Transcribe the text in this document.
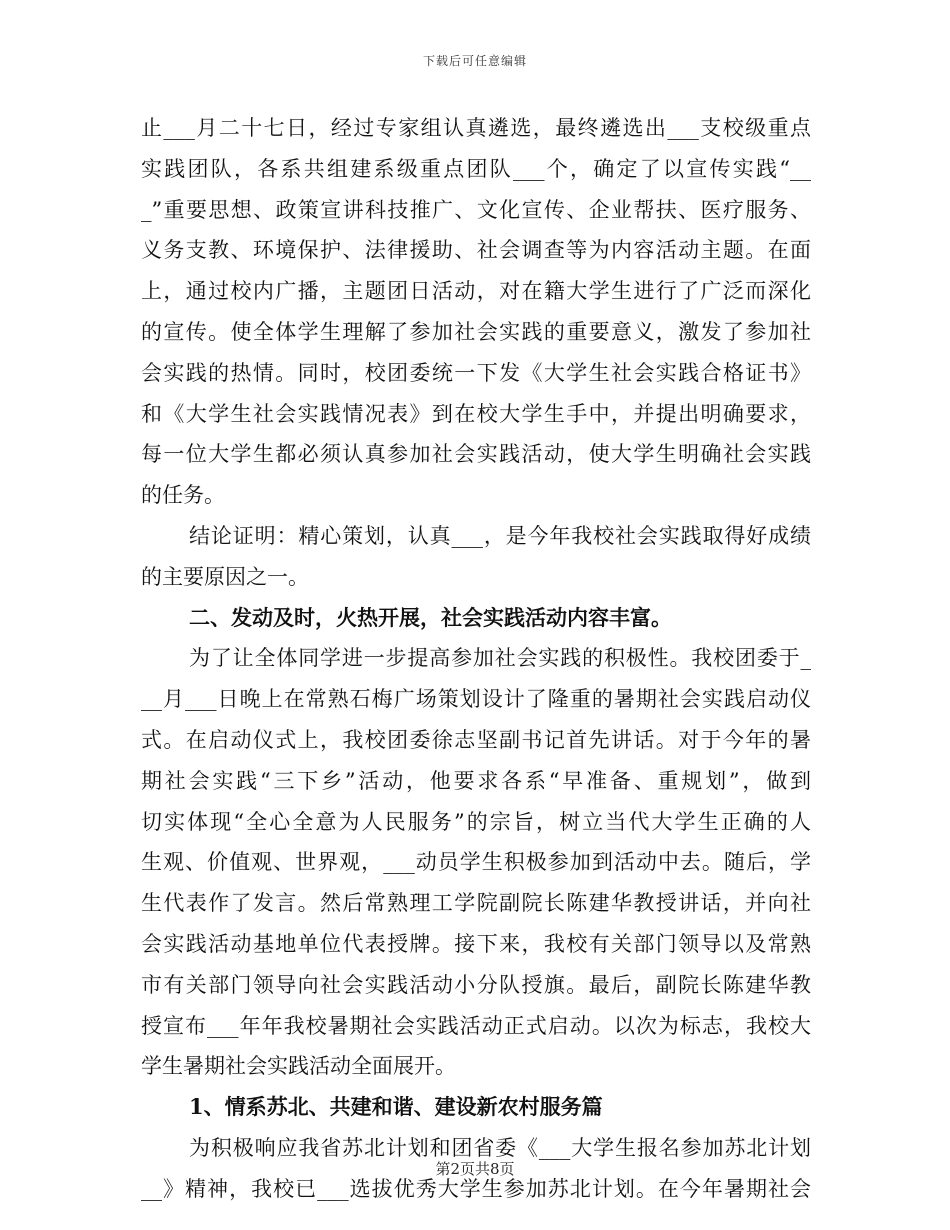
下载后可任意编辑
止___月二十七日，经过专家组认真遴选，最终遴选出___支校级重点
实践团队，各系共组建系级重点团队___个，确定了以宣传实践“__
_”重要思想、政策宣讲科技推广、文化宣传、企业帮扶、医疗服务、
义务支教、环境保护、法律援助、社会调查等为内容活动主题。在面
上，通过校内广播，主题团日活动，对在籍大学生进行了广泛而深化
的宣传。使全体学生理解了参加社会实践的重要意义，激发了参加社
会实践的热情。同时，校团委统一下发《大学生社会实践合格证书》
和《大学生社会实践情况表》到在校大学生手中，并提出明确要求，
每一位大学生都必须认真参加社会实践活动，使大学生明确社会实践
的任务。
结论证明：精心策划，认真___，是今年我校社会实践取得好成绩
的主要原因之一。
二、发动及时，火热开展，社会实践活动内容丰富。
为了让全体同学进一步提高参加社会实践的积极性。我校团委于_
__月___日晚上在常熟石梅广场策划设计了隆重的暑期社会实践启动仪
式。在启动仪式上，我校团委徐志坚副书记首先讲话。对于今年的暑
期社会实践“三下乡”活动，他要求各系“早准备、重规划”，做到
切实体现“全心全意为人民服务”的宗旨，树立当代大学生正确的人
生观、价值观、世界观，___动员学生积极参加到活动中去。随后，学
生代表作了发言。然后常熟理工学院副院长陈建华教授讲话，并向社
会实践活动基地单位代表授牌。接下来，我校有关部门领导以及常熟
市有关部门领导向社会实践活动小分队授旗。最后，副院长陈建华教
授宣布___年年我校暑期社会实践活动正式启动。以次为标志，我校大
学生暑期社会实践活动全面展开。
1、情系苏北、共建和谐、建设新农村服务篇
为积极响应我省苏北计划和团省委《___大学生报名参加苏北计划
__》精神，我校已___选拔优秀大学生参加苏北计划。在今年暑期社会
第2页共8页
